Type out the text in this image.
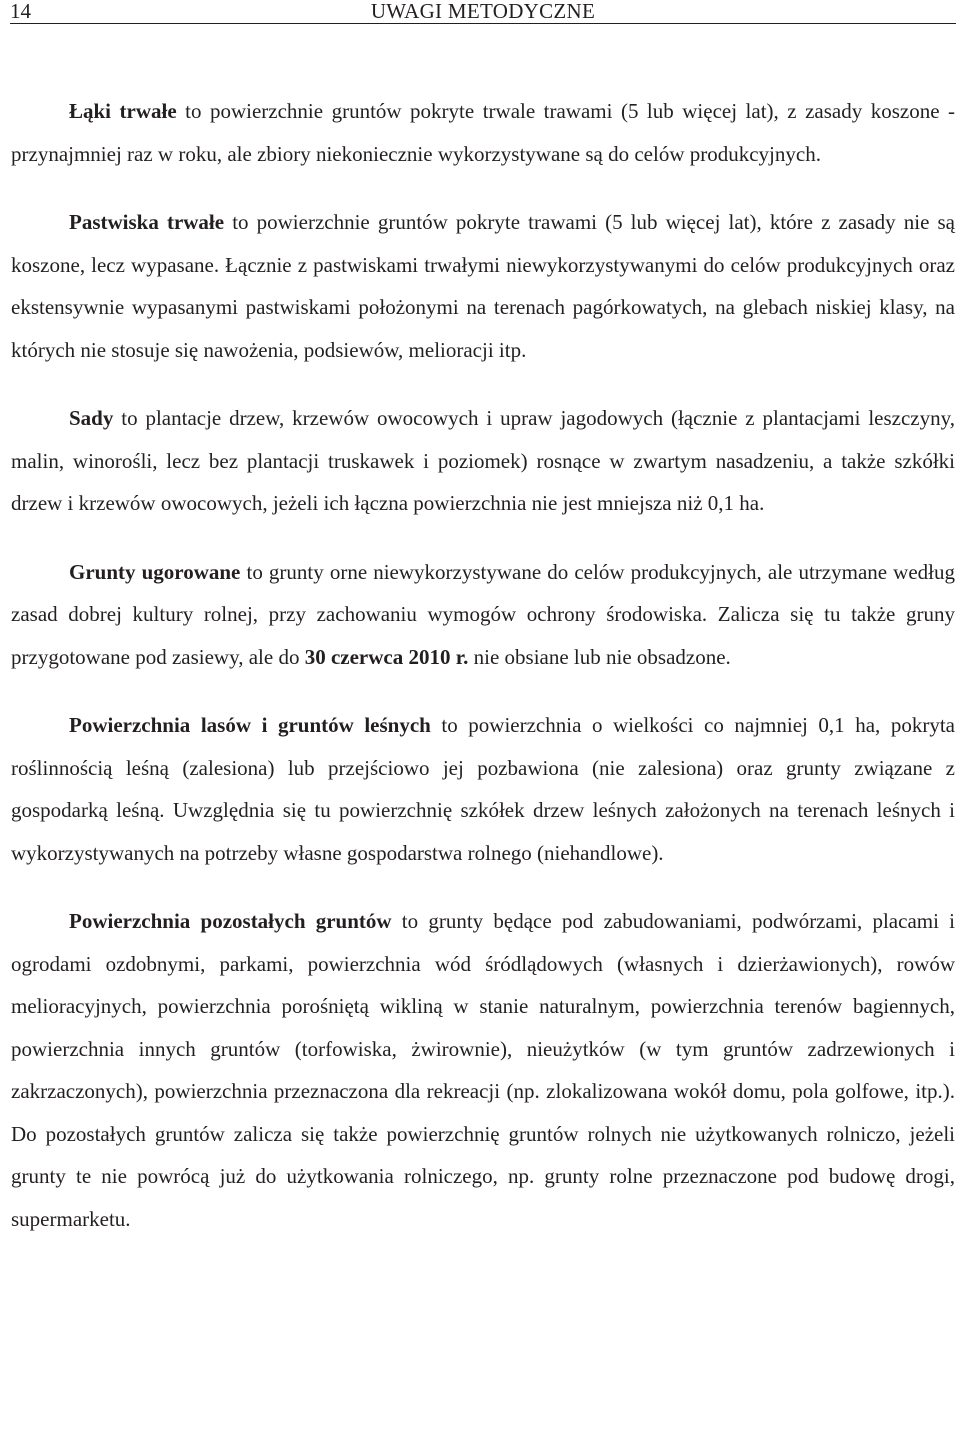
14	UWAGI METODYCZNE

Łąki trwałe to powierzchnie gruntów pokryte trwale trawami (5 lub więcej lat), z zasady koszone - przynajmniej raz w roku, ale zbiory niekoniecznie wykorzystywane są do celów produkcyjnych.

Pastwiska trwałe to powierzchnie gruntów pokryte trawami (5 lub więcej lat), które z zasady nie są koszone, lecz wypasane. Łącznie z pastwiskami trwałymi niewykorzystywanymi do celów produkcyjnych oraz ekstensywnie wypasanymi pastwiskami położonymi na terenach pagórkowatych, na glebach niskiej klasy, na których nie stosuje się nawożenia, podsiewów, melioracji itp.

Sady to plantacje drzew, krzewów owocowych i upraw jagodowych (łącznie z plantacjami leszczyny, malin, winorośli, lecz bez plantacji truskawek i poziomek) rosnące w zwartym nasadzeniu, a także szkółki drzew i krzewów owocowych, jeżeli ich łączna powierzchnia nie jest mniejsza niż 0,1 ha.

Grunty ugorowane to grunty orne niewykorzystywane do celów produkcyjnych, ale utrzymane według zasad dobrej kultury rolnej, przy zachowaniu wymogów ochrony środowiska. Zalicza się tu także gruny przygotowane pod zasiewy, ale do 30 czerwca 2010 r. nie obsiane lub nie obsadzone.

Powierzchnia lasów i gruntów leśnych to powierzchnia o wielkości co najmniej 0,1 ha, pokryta roślinnością leśną (zalesiona) lub przejściowo jej pozbawiona (nie zalesiona) oraz grunty związane z gospodarką leśną. Uwzględnia się tu powierzchnię szkółek drzew leśnych założonych na terenach leśnych i wykorzystywanych na potrzeby własne gospodarstwa rolnego (niehandlowe).

Powierzchnia pozostałych gruntów to grunty będące pod zabudowaniami, podwórzami, placami i ogrodami ozdobnymi, parkami, powierzchnia wód śródlądowych (własnych i dzierżawionych), rowów melioracyjnych, powierzchnia porośniętą wikliną w stanie naturalnym, powierzchnia terenów bagiennych, powierzchnia innych gruntów (torfowiska, żwirownie), nieużytków (w tym gruntów zadrzewionych i zakrzaczonych), powierzchnia przeznaczona dla rekreacji (np. zlokalizowana wokół domu, pola golfowe, itp.). Do pozostałych gruntów zalicza się także powierzchnię gruntów rolnych nie użytkowanych rolniczo, jeżeli grunty te nie powrócą już do użytkowania rolniczego, np. grunty rolne przeznaczone pod budowę drogi, supermarketu.
